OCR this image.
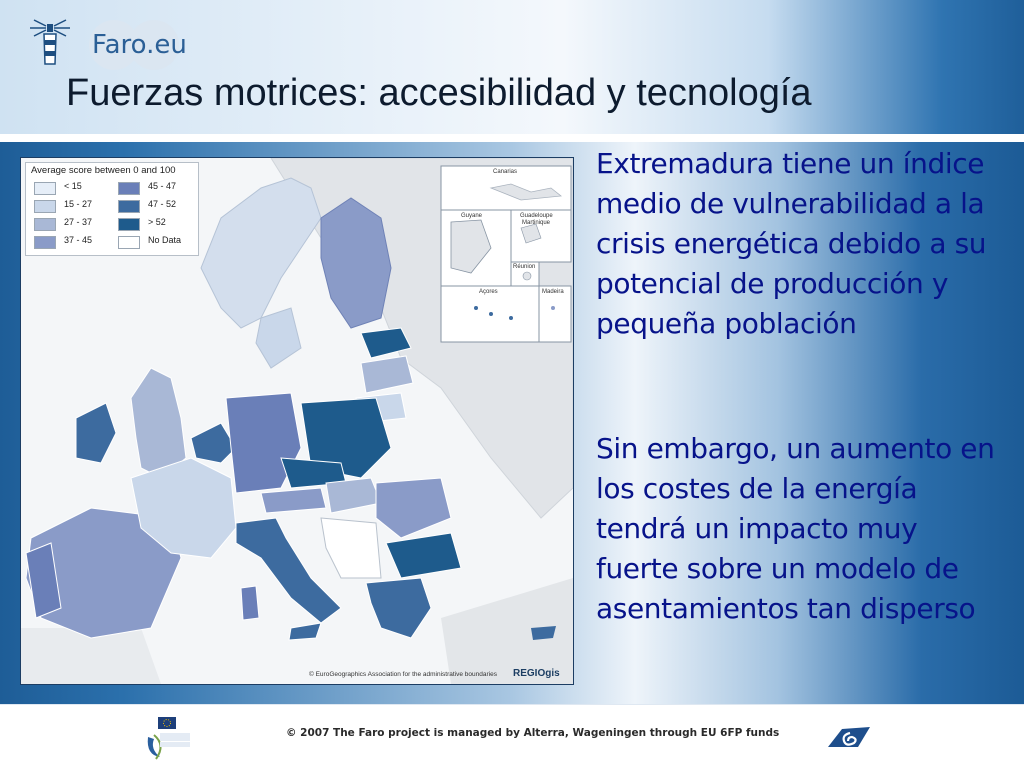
Faro.eu
Fuerzas motrices: accesibilidad y tecnología
Average score between 0 and 100
< 15
15 - 27
27 - 37
37 - 45
45 - 47
47 - 52
> 52
No Data
Canarias
Guyane	Guadeloupe
Martinique
Réunion
Açores	Madeira
© EuroGeographics Association for the administrative boundaries REGIOgis
Extremadura tiene un índice medio de vulnerabilidad a la crisis energética debido a su potencial de producción y pequeña población
Sin embargo, un aumento en los costes de la energía tendrá un impacto muy fuerte sobre un modelo de asentamientos tan disperso
© 2007 The Faro project is managed by Alterra, Wageningen through EU 6FP funds
